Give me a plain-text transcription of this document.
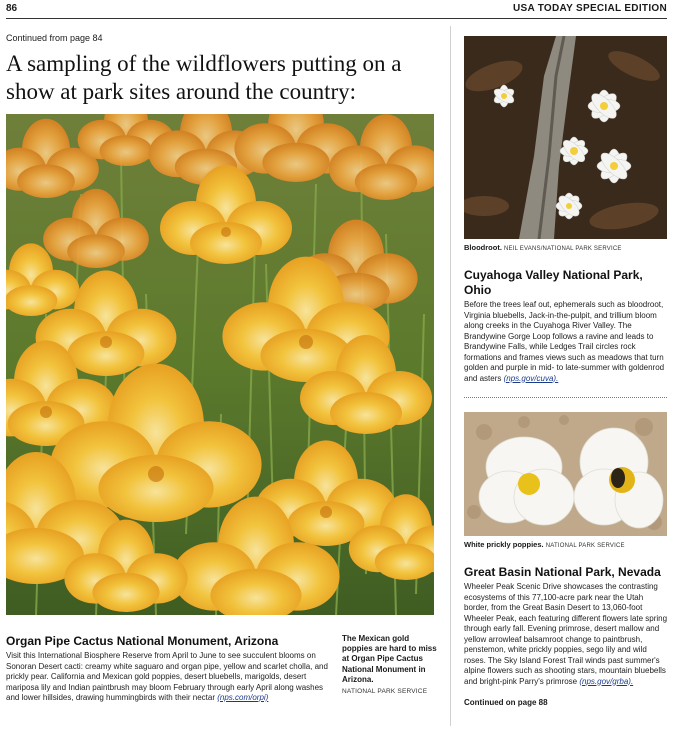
86	USA TODAY SPECIAL EDITION
Continued from page 84
A sampling of the wildflowers putting on a show at park sites around the country:
Organ Pipe Cactus National Monument, Arizona

Visit this International Biosphere Reserve from April to June to see succulent blooms on Sonoran Desert cacti: creamy white saguaro and organ pipe, yellow and scarlet cholla, and prickly pear. California and Mexican gold poppies, desert bluebells, marigolds, desert mariposa lily and Indian paintbrush may bloom February through early April along washes and lower hillsides, drawing hummingbirds with their nectar (nps.com/orpi)

The Mexican gold poppies are hard to miss at Organ Pipe Cactus National Monument in Arizona.
NATIONAL PARK SERVICE
Bloodroot. NEIL EVANS/NATIONAL PARK SERVICE
Cuyahoga Valley National Park, Ohio

Before the trees leaf out, ephemerals such as bloodroot, Virginia bluebells, Jack-in-the-pulpit, and trillium bloom along creeks in the Cuyahoga River Valley. The Brandywine Gorge Loop follows a ravine and leads to Brandywine Falls, while Ledges Trail circles rock formations and frames views such as meadows that turn golden and purple in mid- to late-summer with goldenrod and asters (nps.gov/cuva).

White prickly poppies. NATIONAL PARK SERVICE
Great Basin National Park, Nevada

Wheeler Peak Scenic Drive showcases the contrasting ecosystems of this 77,100-acre park near the Utah border, from the Great Basin Desert to 13,060-foot Wheeler Peak, each featuring different flowers late spring through early fall. Evening primrose, desert mallow and yellow arrowleaf balsamroot change to paintbrush, penstemon, white prickly poppies, sego lily and wild roses. The Sky Island Forest Trail winds past summer's alpine flowers such as shooting stars, mountain bluebells and bright-pink Parry's primrose (nps.gov/grba).

Continued on page 88
